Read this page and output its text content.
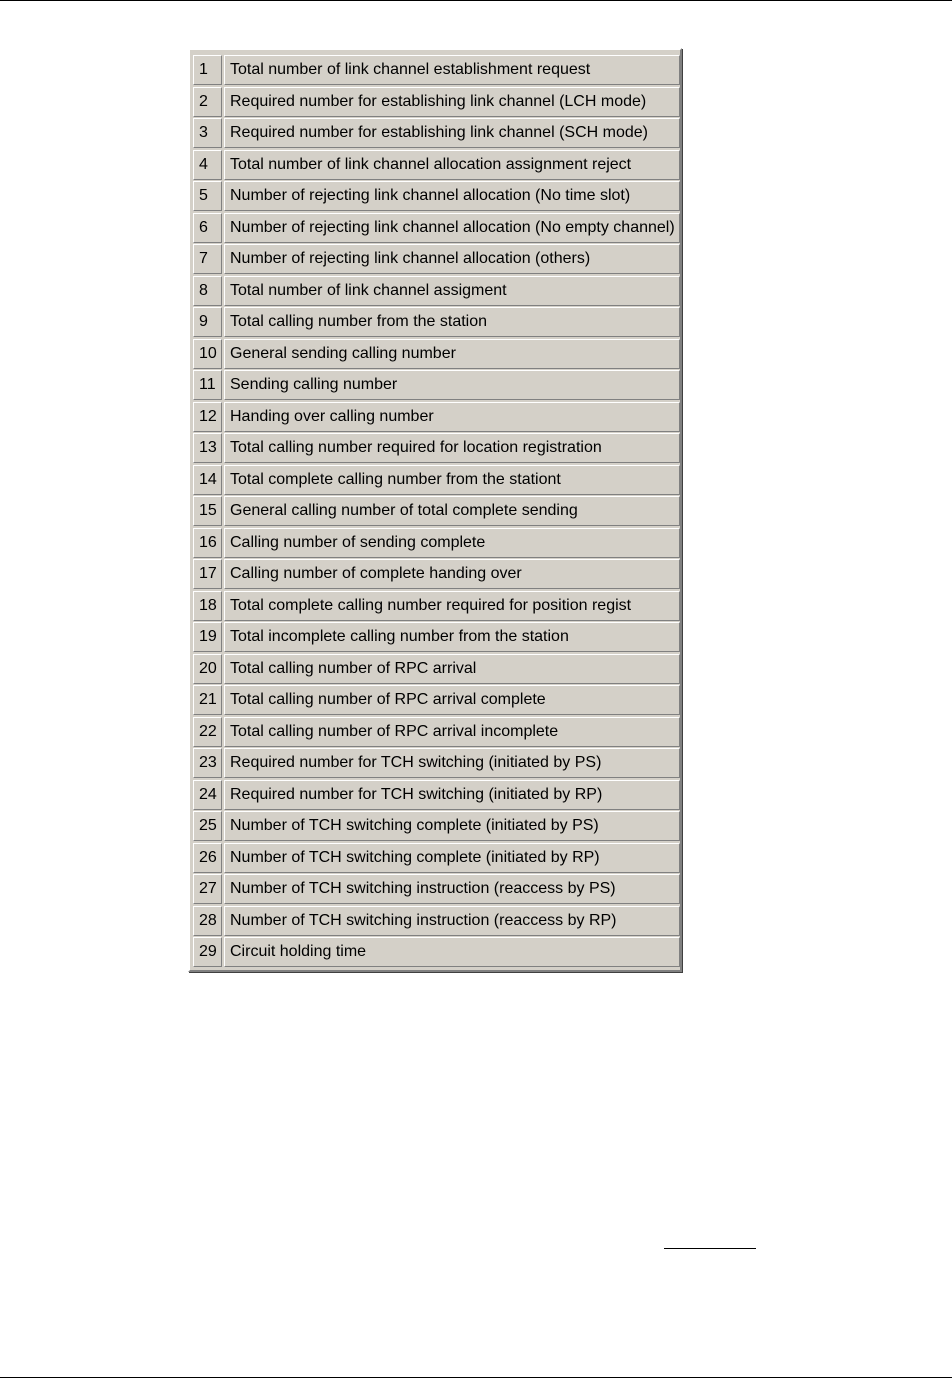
1	Total number of link channel establishment request
2	Required number for establishing link channel (LCH mode)
3	Required number for establishing link channel (SCH mode)
4	Total number of link channel allocation assignment reject
5	Number of rejecting link channel allocation (No time slot)
6	Number of rejecting link channel allocation (No empty channel)
7	Number of rejecting link channel allocation (others)
8	Total number of link channel assigment
9	Total calling number from the station
10 General sending calling number
11 Sending calling number
12 Handing over calling number
13 Total calling number required for location registration
14 Total complete calling number from the stationt
15 General calling number of total complete sending
16 Calling number of sending complete
17 Calling number of complete handing over
18 Total complete calling number required for position regist
19 Total incomplete calling number from the station
20 Total calling number of RPC arrival
21 Total calling number of RPC arrival complete
22 Total calling number of RPC arrival incomplete
23 Required number for TCH switching (initiated by PS)
24 Required number for TCH switching (initiated by RP)
25 Number of TCH switching complete (initiated by PS)
26 Number of TCH switching complete (initiated by RP)
27 Number of TCH switching instruction (reaccess by PS)
28 Number of TCH switching instruction (reaccess by RP)
29 Circuit holding time
